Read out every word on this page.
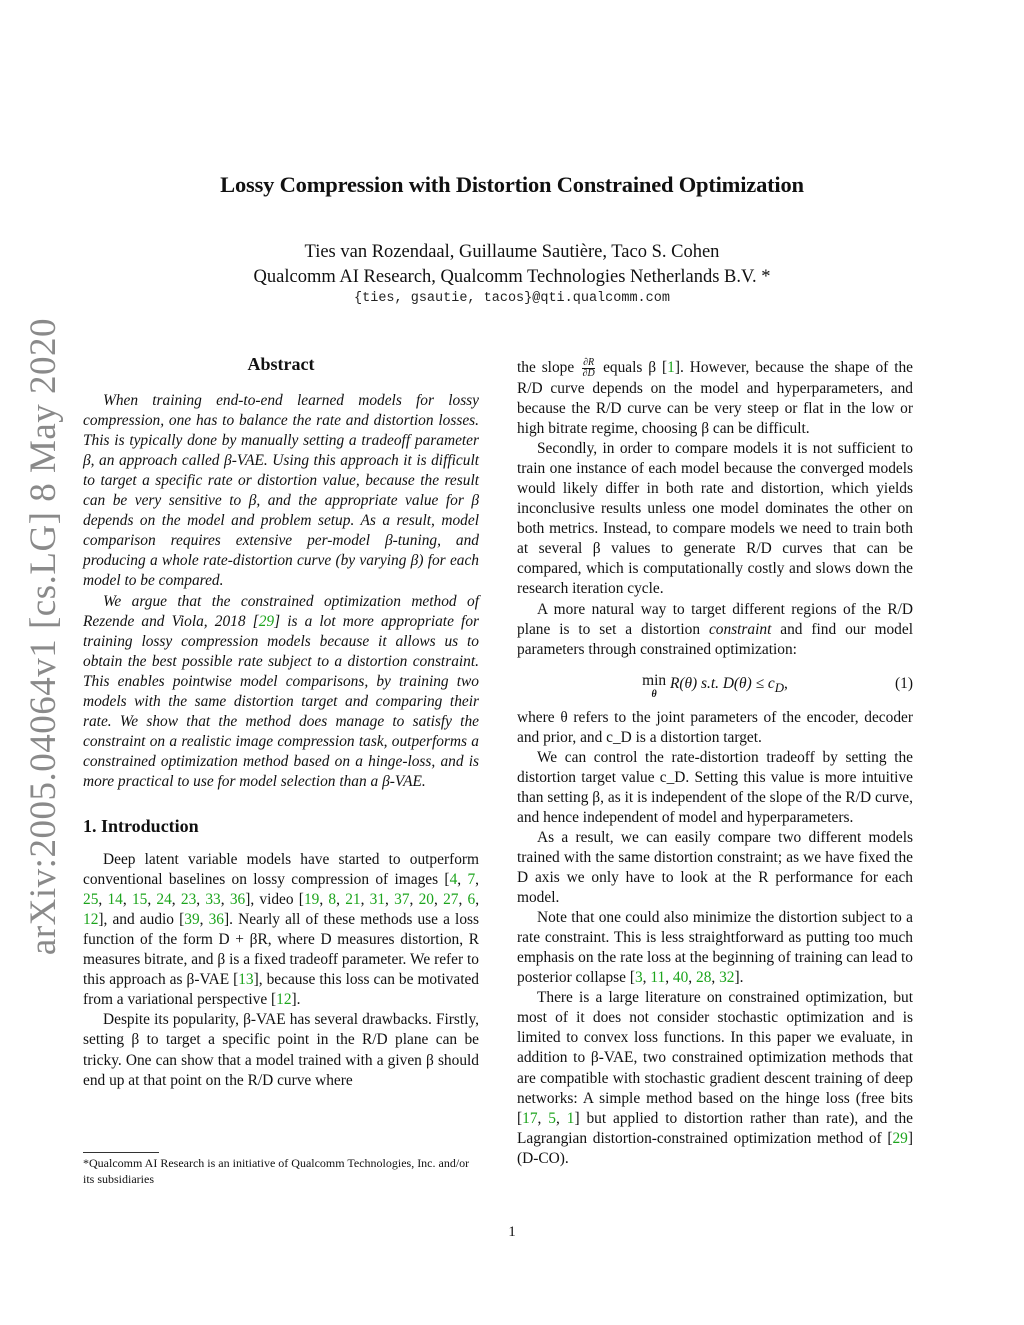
arXiv:2005.04064v1 [cs.LG] 8 May 2020
Lossy Compression with Distortion Constrained Optimization
Ties van Rozendaal, Guillaume Sautière, Taco S. Cohen
Qualcomm AI Research, Qualcomm Technologies Netherlands B.V. *
{ties, gsautie, tacos}@qti.qualcomm.com
Abstract

When training end-to-end learned models for lossy compression, one has to balance the rate and distortion losses. This is typically done by manually setting a tradeoff parameter β, an approach called β-VAE. Using this approach it is difficult to target a specific rate or distortion value, because the result can be very sensitive to β, and the appropriate value for β depends on the model and problem setup. As a result, model comparison requires extensive per-model β-tuning, and producing a whole rate-distortion curve (by varying β) for each model to be compared.

We argue that the constrained optimization method of Rezende and Viola, 2018 [29] is a lot more appropriate for training lossy compression models because it allows us to obtain the best possible rate subject to a distortion constraint. This enables pointwise model comparisons, by training two models with the same distortion target and comparing their rate. We show that the method does manage to satisfy the constraint on a realistic image compression task, outperforms a constrained optimization method based on a hinge-loss, and is more practical to use for model selection than a β-VAE.

1. Introduction

Deep latent variable models have started to outperform conventional baselines on lossy compression of images [4, 7, 25, 14, 15, 24, 23, 33, 36], video [19, 8, 21, 31, 37, 20, 27, 6, 12], and audio [39, 36]. Nearly all of these methods use a loss function of the form D + βR, where D measures distortion, R measures bitrate, and β is a fixed tradeoff parameter. We refer to this approach as β-VAE [13], because this loss can be motivated from a variational perspective [12].

Despite its popularity, β-VAE has several drawbacks. Firstly, setting β to target a specific point in the R/D plane can be tricky. One can show that a model trained with a given β should end up at that point on the R/D curve where

*Qualcomm AI Research is an initiative of Qualcomm Technologies, Inc. and/or its subsidiaries

the slope $\frac{\partial R}{\partial D}$ equals β [1]. However, because the shape of the R/D curve depends on the model and hyperparameters, and because the R/D curve can be very steep or flat in the low or high bitrate regime, choosing β can be difficult.

Secondly, in order to compare models it is not sufficient to train one instance of each model because the converged models would likely differ in both rate and distortion, which yields inconclusive results unless one model dominates the other on both metrics. Instead, to compare models we need to train both at several β values to generate R/D curves that can be compared, which is computationally costly and slows down the research iteration cycle.

A more natural way to target different regions of the R/D plane is to set a distortion constraint and find our model parameters through constrained optimization:

min
θ
R(θ) s.t. $D(\theta) \le c_D$,	(1)

where θ refers to the joint parameters of the encoder, decoder and prior, and c_D is a distortion target.

We can control the rate-distortion tradeoff by setting the distortion target value c_D. Setting this value is more intuitive than setting β, as it is independent of the slope of the R/D curve, and hence independent of model and hyperparameters.

As a result, we can easily compare two different models trained with the same distortion constraint; as we have fixed the D axis we only have to look at the R performance for each model.

Note that one could also minimize the distortion subject to a rate constraint. This is less straightforward as putting too much emphasis on the rate loss at the beginning of training can lead to posterior collapse [3, 11, 40, 28, 32].

There is a large literature on constrained optimization, but most of it does not consider stochastic optimization and is limited to convex loss functions. In this paper we evaluate, in addition to β-VAE, two constrained optimization methods that are compatible with stochastic gradient descent training of deep networks: A simple method based on the hinge loss (free bits [17, 5, 1] but applied to distortion rather than rate), and the Lagrangian distortion-constrained optimization method of [29] (D-CO).

1
